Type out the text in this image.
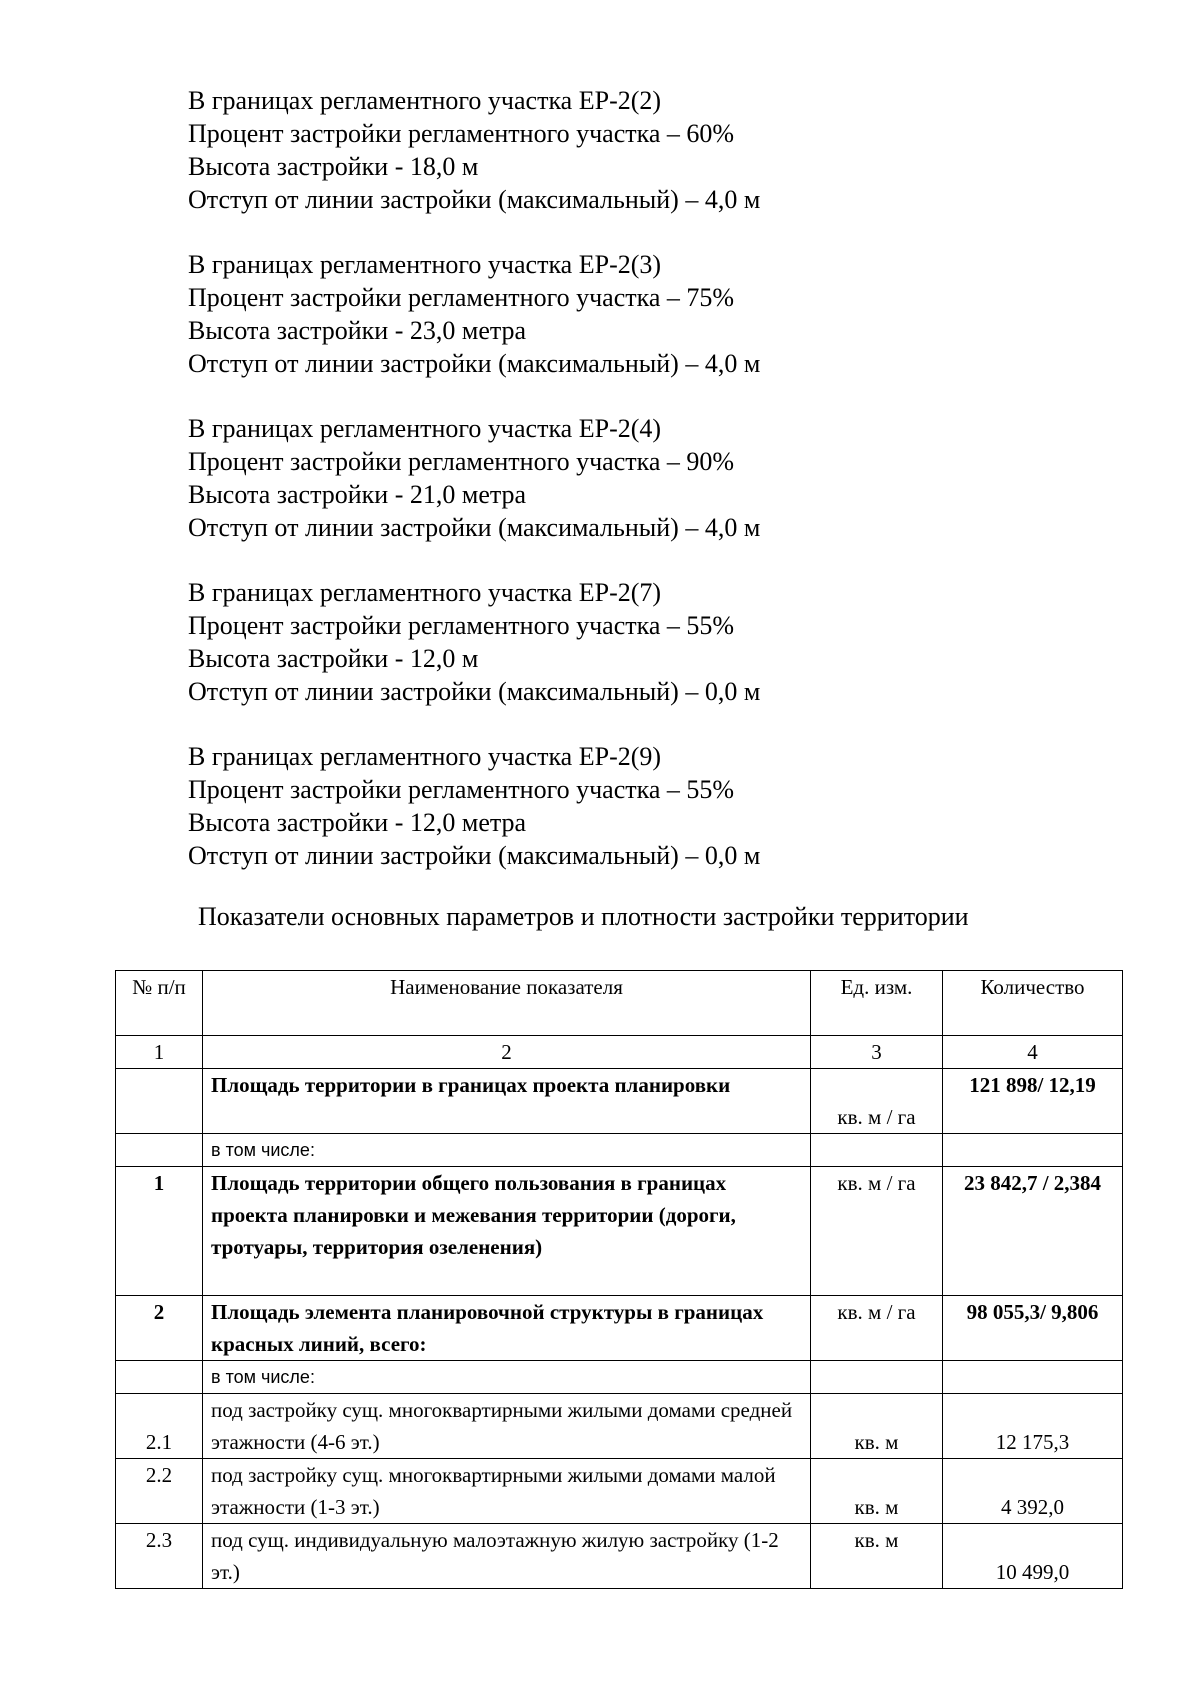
В границах регламентного участка ЕР-2(2)
Процент застройки регламентного участка – 60%
Высота застройки - 18,0 м
Отступ от линии застройки (максимальный) – 4,0 м
В границах регламентного участка ЕР-2(3)
Процент застройки регламентного участка – 75%
Высота застройки - 23,0 метра
Отступ от линии застройки (максимальный) – 4,0 м
В границах регламентного участка ЕР-2(4)
Процент застройки регламентного участка – 90%
Высота застройки - 21,0 метра
Отступ от линии застройки (максимальный) – 4,0 м
В границах регламентного участка ЕР-2(7)
Процент застройки регламентного участка – 55%
Высота застройки - 12,0 м
Отступ от линии застройки (максимальный) – 0,0 м
В границах регламентного участка ЕР-2(9)
Процент застройки регламентного участка – 55%
Высота застройки - 12,0 метра
Отступ от линии застройки (максимальный) – 0,0 м
Показатели основных параметров и плотности застройки территории
№ п/п	Наименование показателя	Ед. изм.	Количество
1	2	3	4
	Площадь территории в границах проекта планировки	кв. м / га	121 898/ 12,19
	в том числе:		
1	Площадь территории общего пользования в границах проекта планировки и межевания территории (дороги, тротуары, территория озеленения)	кв. м / га	23 842,7 / 2,384
2	Площадь элемента планировочной структуры в границах красных линий, всего:	кв. м / га	98 055,3/ 9,806
	в том числе:		
2.1	под застройку сущ. многоквартирными жилыми домами средней этажности (4-6 эт.)	кв. м	12 175,3
2.2	под застройку сущ. многоквартирными жилыми домами малой этажности (1-3 эт.)	кв. м	4 392,0
2.3	под сущ. индивидуальную малоэтажную жилую застройку (1-2 эт.)	кв. м	10 499,0
